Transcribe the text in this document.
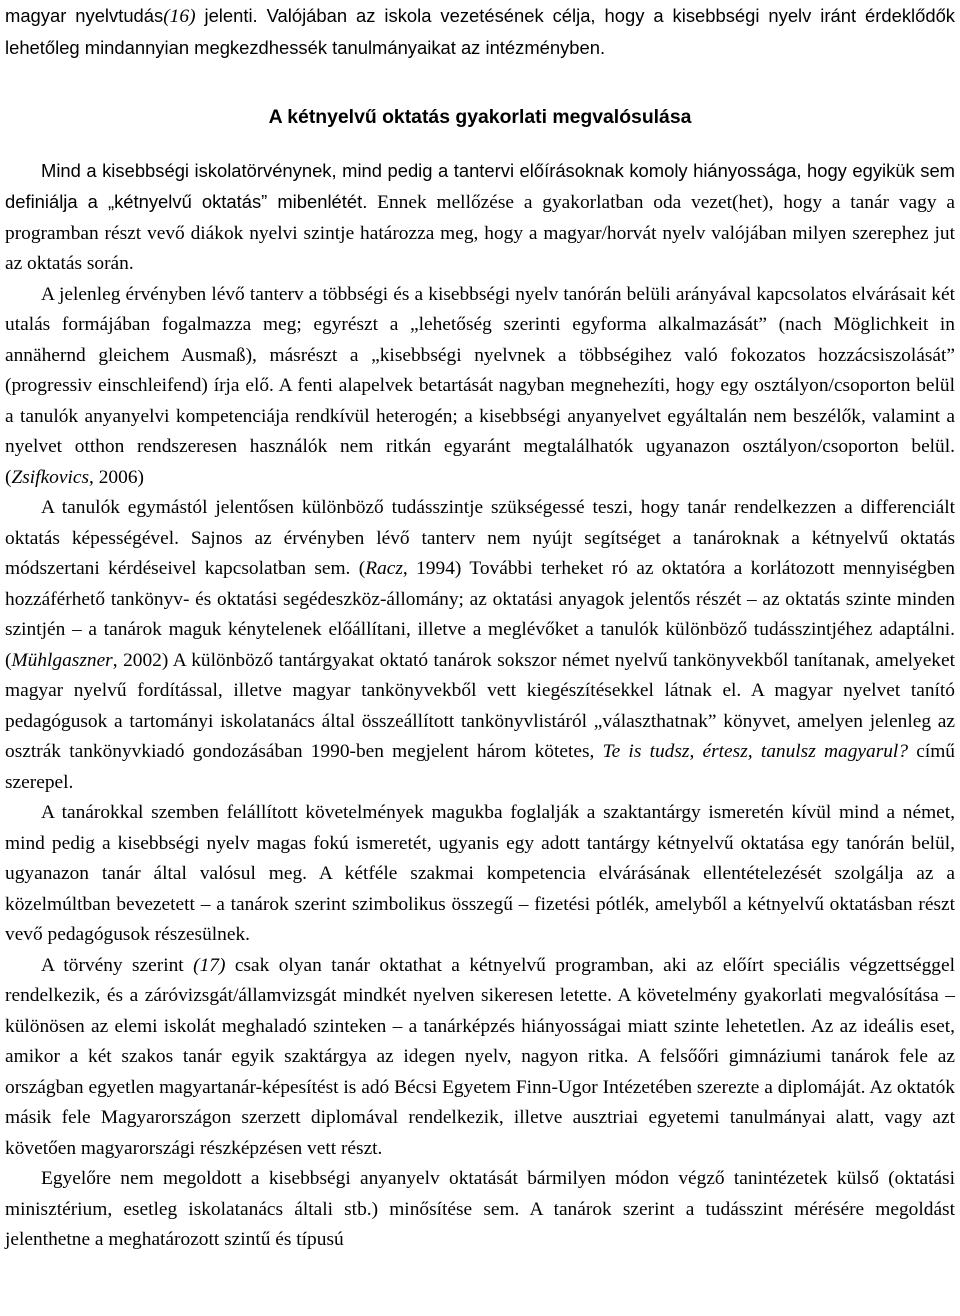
magyar nyelvtudás(16) jelenti. Valójában az iskola vezetésének célja, hogy a kisebbségi nyelv iránt érdeklődők lehetőleg mindannyian megkezdhessék tanulmányaikat az intézményben.

A kétnyelvű oktatás gyakorlati megvalósulása

Mind a kisebbségi iskolatörvénynek, mind pedig a tantervi előírásoknak komoly hiányossága, hogy egyikük sem definiálja a „kétnyelvű oktatás” mibenlétét. Ennek mellőzése a gyakorlatban oda vezet(het), hogy a tanár vagy a programban részt vevő diákok nyelvi szintje határozza meg, hogy a magyar/horvát nyelv valójában milyen szerephez jut az oktatás során.

A jelenleg érvényben lévő tanterv a többségi és a kisebbségi nyelv tanórán belüli arányával kapcsolatos elvárásait két utalás formájában fogalmazza meg; egyrészt a „lehetőség szerinti egyforma alkalmazását” (nach Möglichkeit in annähernd gleichem Ausmaß), másrészt a „kisebbségi nyelvnek a többségihez való fokozatos hozzácsiszolását” (progressiv einschleifend) írja elő. A fenti alapelvek betartását nagyban megnehezíti, hogy egy osztályon/csoporton belül a tanulók anyanyelvi kompetenciája rendkívül heterogén; a kisebbségi anyanyelvet egyáltalán nem beszélők, valamint a nyelvet otthon rendszeresen használók nem ritkán egyaránt megtalálhatók ugyanazon osztályon/csoporton belül. (Zsifkovics, 2006)

A tanulók egymástól jelentősen különböző tudásszintje szükségessé teszi, hogy tanár rendelkezzen a differenciált oktatás képességével. Sajnos az érvényben lévő tanterv nem nyújt segítséget a tanároknak a kétnyelvű oktatás módszertani kérdéseivel kapcsolatban sem. (Racz, 1994) További terheket ró az oktatóra a korlátozott mennyiségben hozzáférhető tankönyv- és oktatási segédeszköz-állomány; az oktatási anyagok jelentős részét – az oktatás szinte minden szintjén – a tanárok maguk kénytelenek előállítani, illetve a meglévőket a tanulók különböző tudásszintjéhez adaptálni. (Mühlgaszner, 2002) A különböző tantárgyakat oktató tanárok sokszor német nyelvű tankönyvekből tanítanak, amelyeket magyar nyelvű fordítással, illetve magyar tankönyvekből vett kiegészítésekkel látnak el. A magyar nyelvet tanító pedagógusok a tartományi iskolatanács által összeállított tankönyvlistáról „választhatnak” könyvet, amelyen jelenleg az osztrák tankönyvkiadó gondozásában 1990-ben megjelent három kötetes, Te is tudsz, értesz, tanulsz magyarul? című szerepel.

A tanárokkal szemben felállított követelmények magukba foglalják a szaktantárgy ismeretén kívül mind a német, mind pedig a kisebbségi nyelv magas fokú ismeretét, ugyanis egy adott tantárgy kétnyelvű oktatása egy tanórán belül, ugyanazon tanár által valósul meg. A kétféle szakmai kompetencia elvárásának ellentételezését szolgálja az a közelmúltban bevezetett – a tanárok szerint szimbolikus összegű – fizetési pótlék, amelyből a kétnyelvű oktatásban részt vevő pedagógusok részesülnek.

A törvény szerint (17) csak olyan tanár oktathat a kétnyelvű programban, aki az előírt speciális végzettséggel rendelkezik, és a záróvizsgát/államvizsgát mindkét nyelven sikeresen letette. A követelmény gyakorlati megvalósítása – különösen az elemi iskolát meghaladó szinteken – a tanárképzés hiányosságai miatt szinte lehetetlen. Az az ideális eset, amikor a két szakos tanár egyik szaktárgya az idegen nyelv, nagyon ritka. A felsőőri gimnáziumi tanárok fele az országban egyetlen magyartanár-képesítést is adó Bécsi Egyetem Finn-Ugor Intézetében szerezte a diplomáját. Az oktatók másik fele Magyarországon szerzett diplomával rendelkezik, illetve ausztriai egyetemi tanulmányai alatt, vagy azt követően magyarországi részképzésen vett részt.

Egyelőre nem megoldott a kisebbségi anyanyelv oktatását bármilyen módon végző tanintézetek külső (oktatási minisztérium, esetleg iskolatanács általi stb.) minősítése sem. A tanárok szerint a tudásszint mérésére megoldást jelenthetne a meghatározott szintű és típusú
